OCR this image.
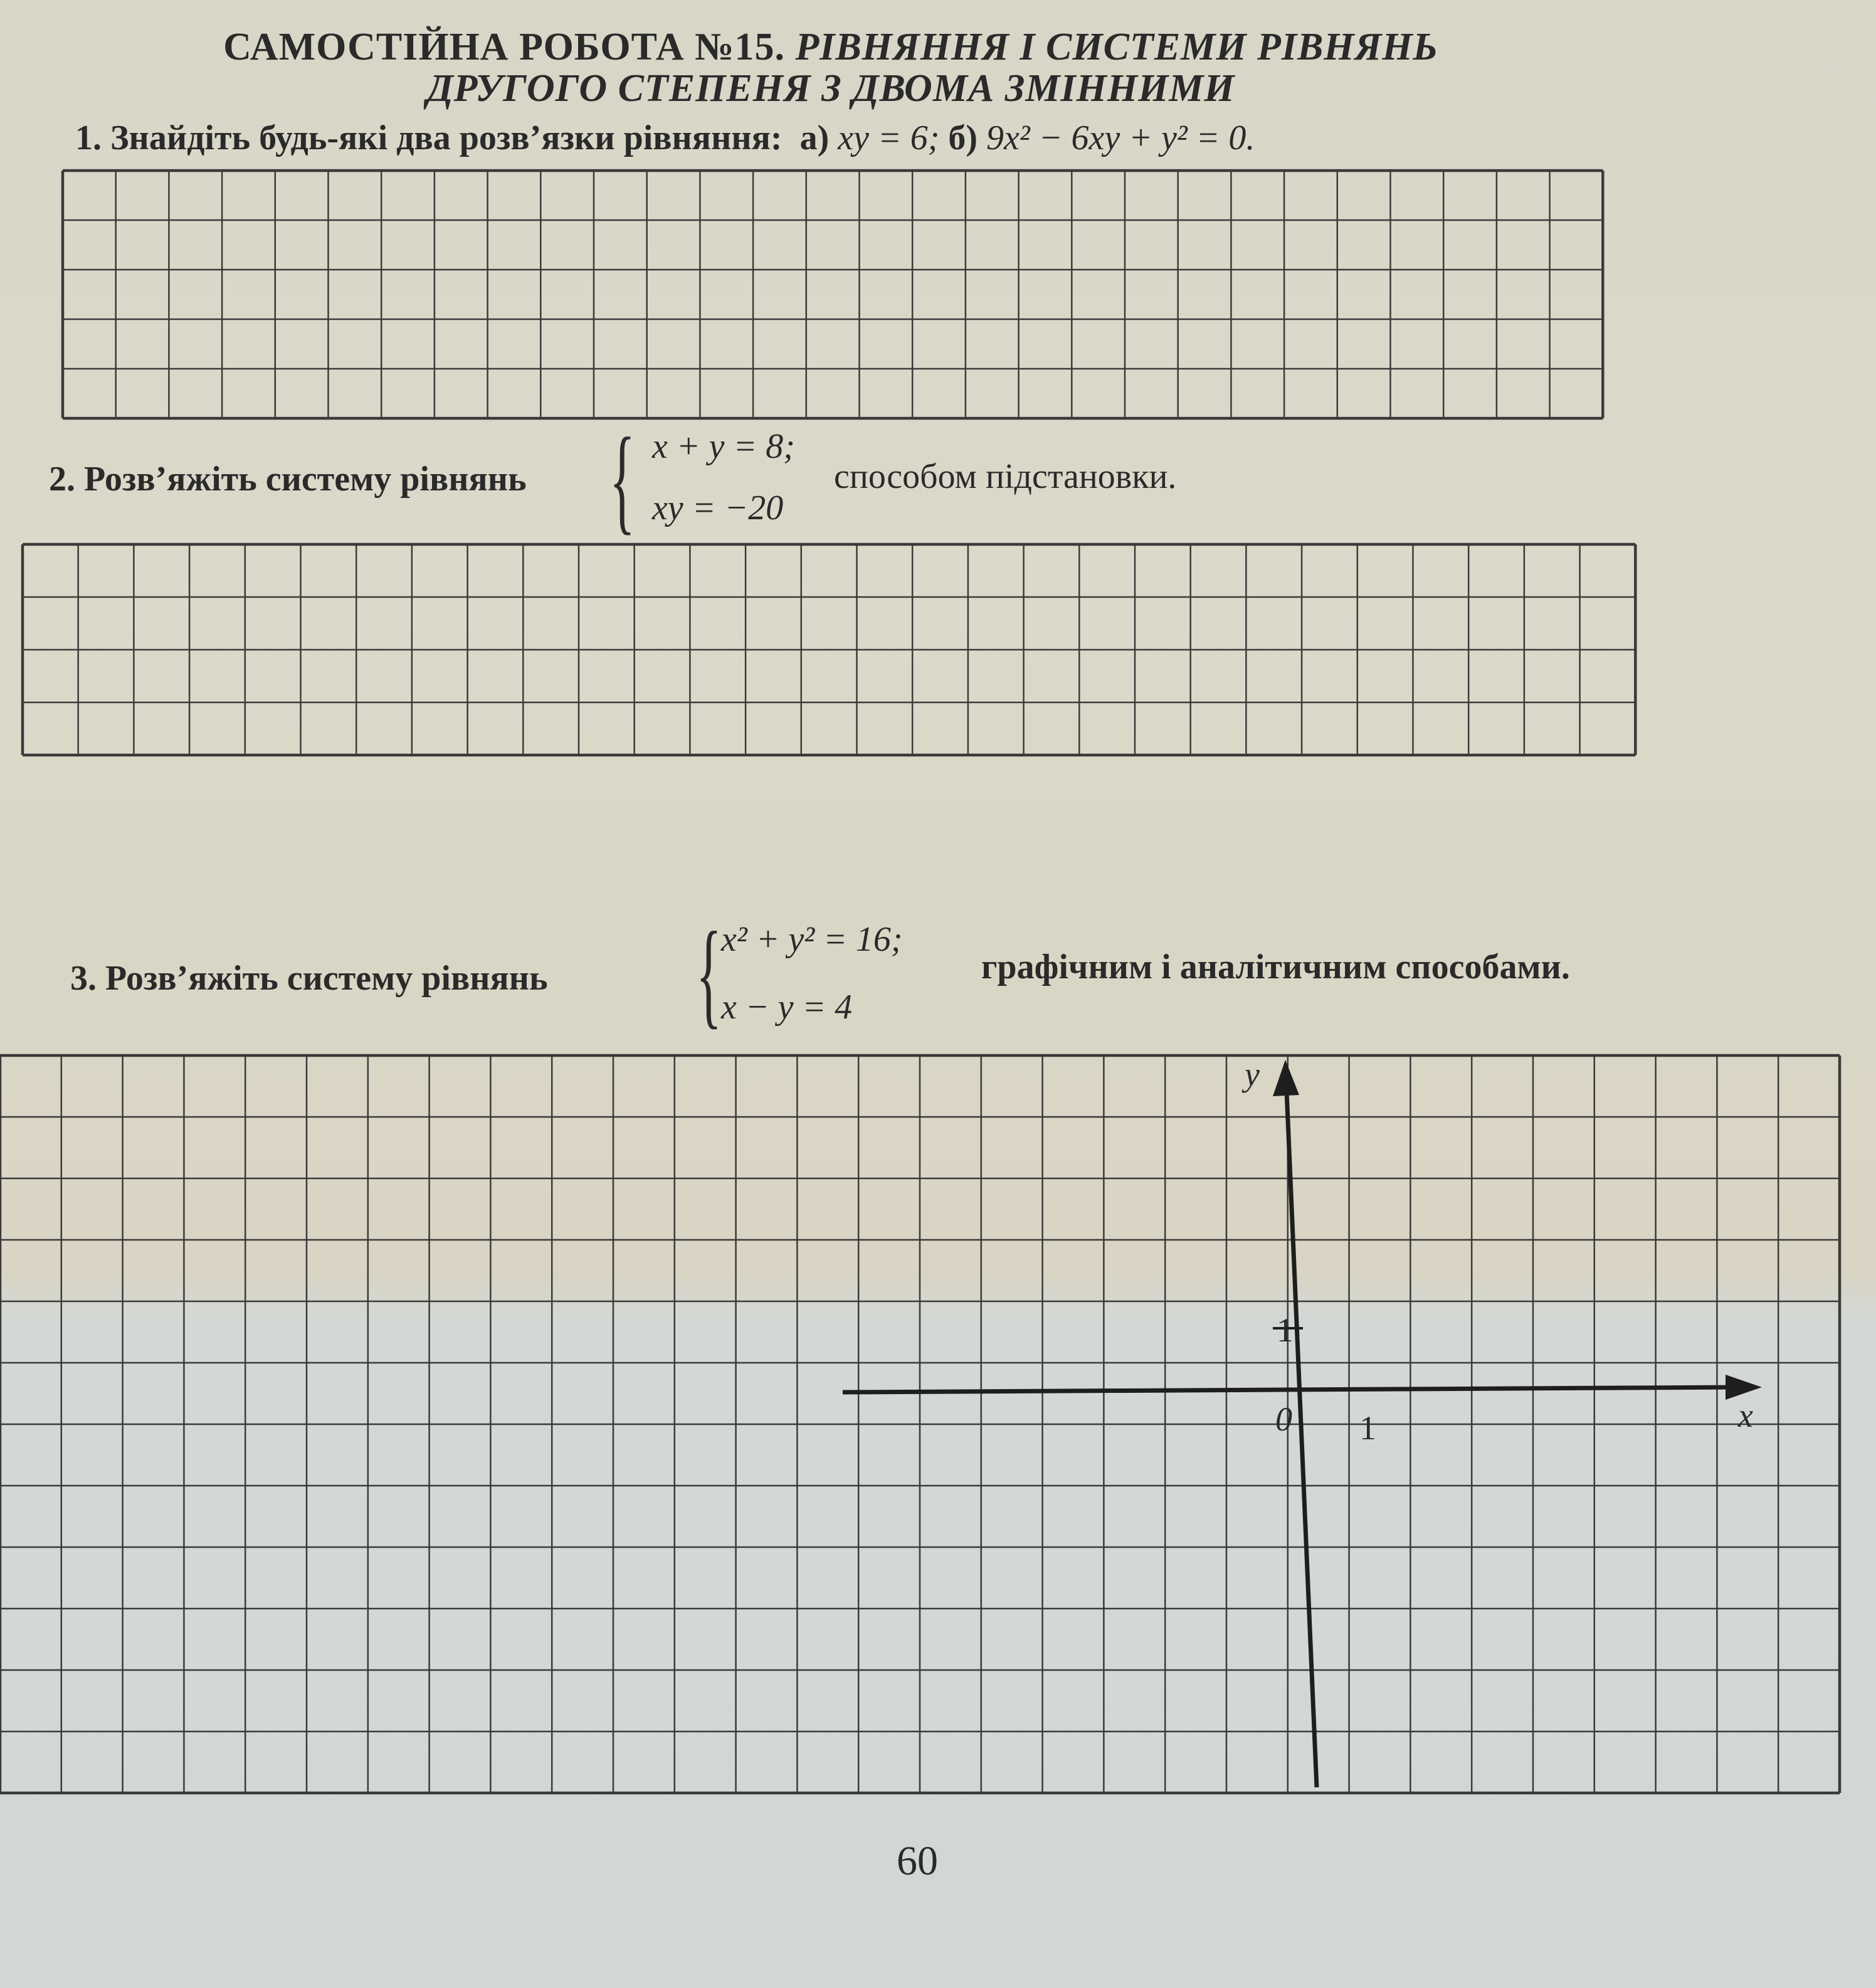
САМОСТІЙНА РОБОТА №15. РІВНЯННЯ І СИСТЕМИ РІВНЯНЬ
ДРУГОГО СТЕПЕНЯ З ДВОМА ЗМІННИМИ
1. Знайдіть будь-які два розв’язки рівняння: а) xy = 6; б) 9x² − 6xy + y² = 0.
2. Розв’яжіть систему рівнянь { x + y = 8;
xy = −20
способом підстановки.
3. Розв’яжіть систему рівнянь {
x² + y² = 16;
x − y = 4
графічним і аналітичним способами.
y
1
0 1	x
60
